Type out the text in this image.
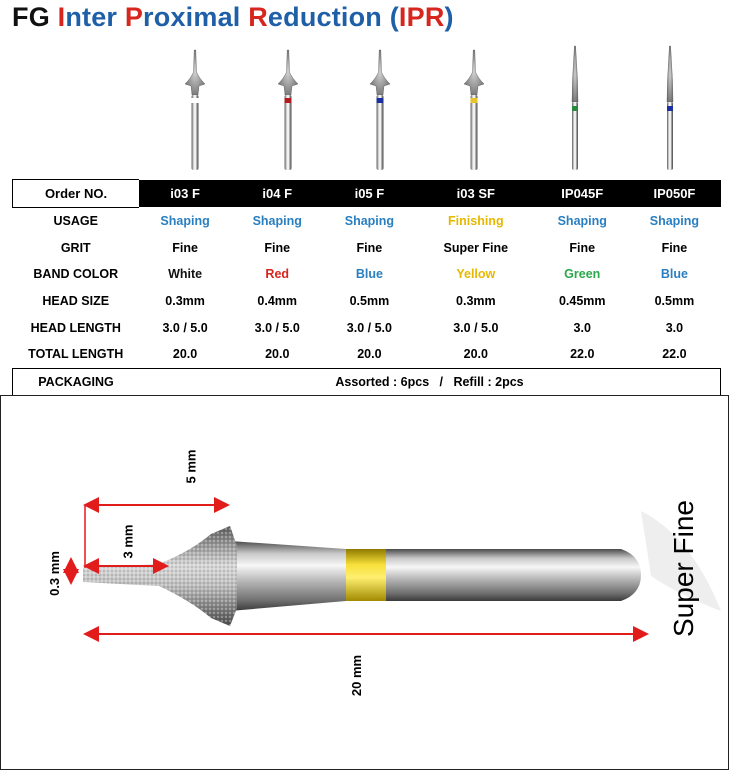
FG Inter Proximal Reduction (IPR)
Order NO.	i03 F	i04 F	i05 F	i03 SF	IP045F	IP050F
USAGE	Shaping	Shaping	Shaping	Finishing	Shaping	Shaping
GRIT	Fine	Fine	Fine	Super Fine	Fine	Fine
BAND COLOR	White	Red	Blue	Yellow	Green	Blue
HEAD SIZE	0.3mm	0.4mm	0.5mm	0.3mm	0.45mm	0.5mm
HEAD LENGTH	3.0 / 5.0	3.0 / 5.0	3.0 / 5.0	3.0 / 5.0	3.0	3.0
TOTAL LENGTH	20.0	20.0	20.0	20.0	22.0	22.0
PACKAGING	Assorted : 6pcs   /   Refill : 2pcs					
5 mm
3 mm
0.3 mm
20 mm
Super Fine
